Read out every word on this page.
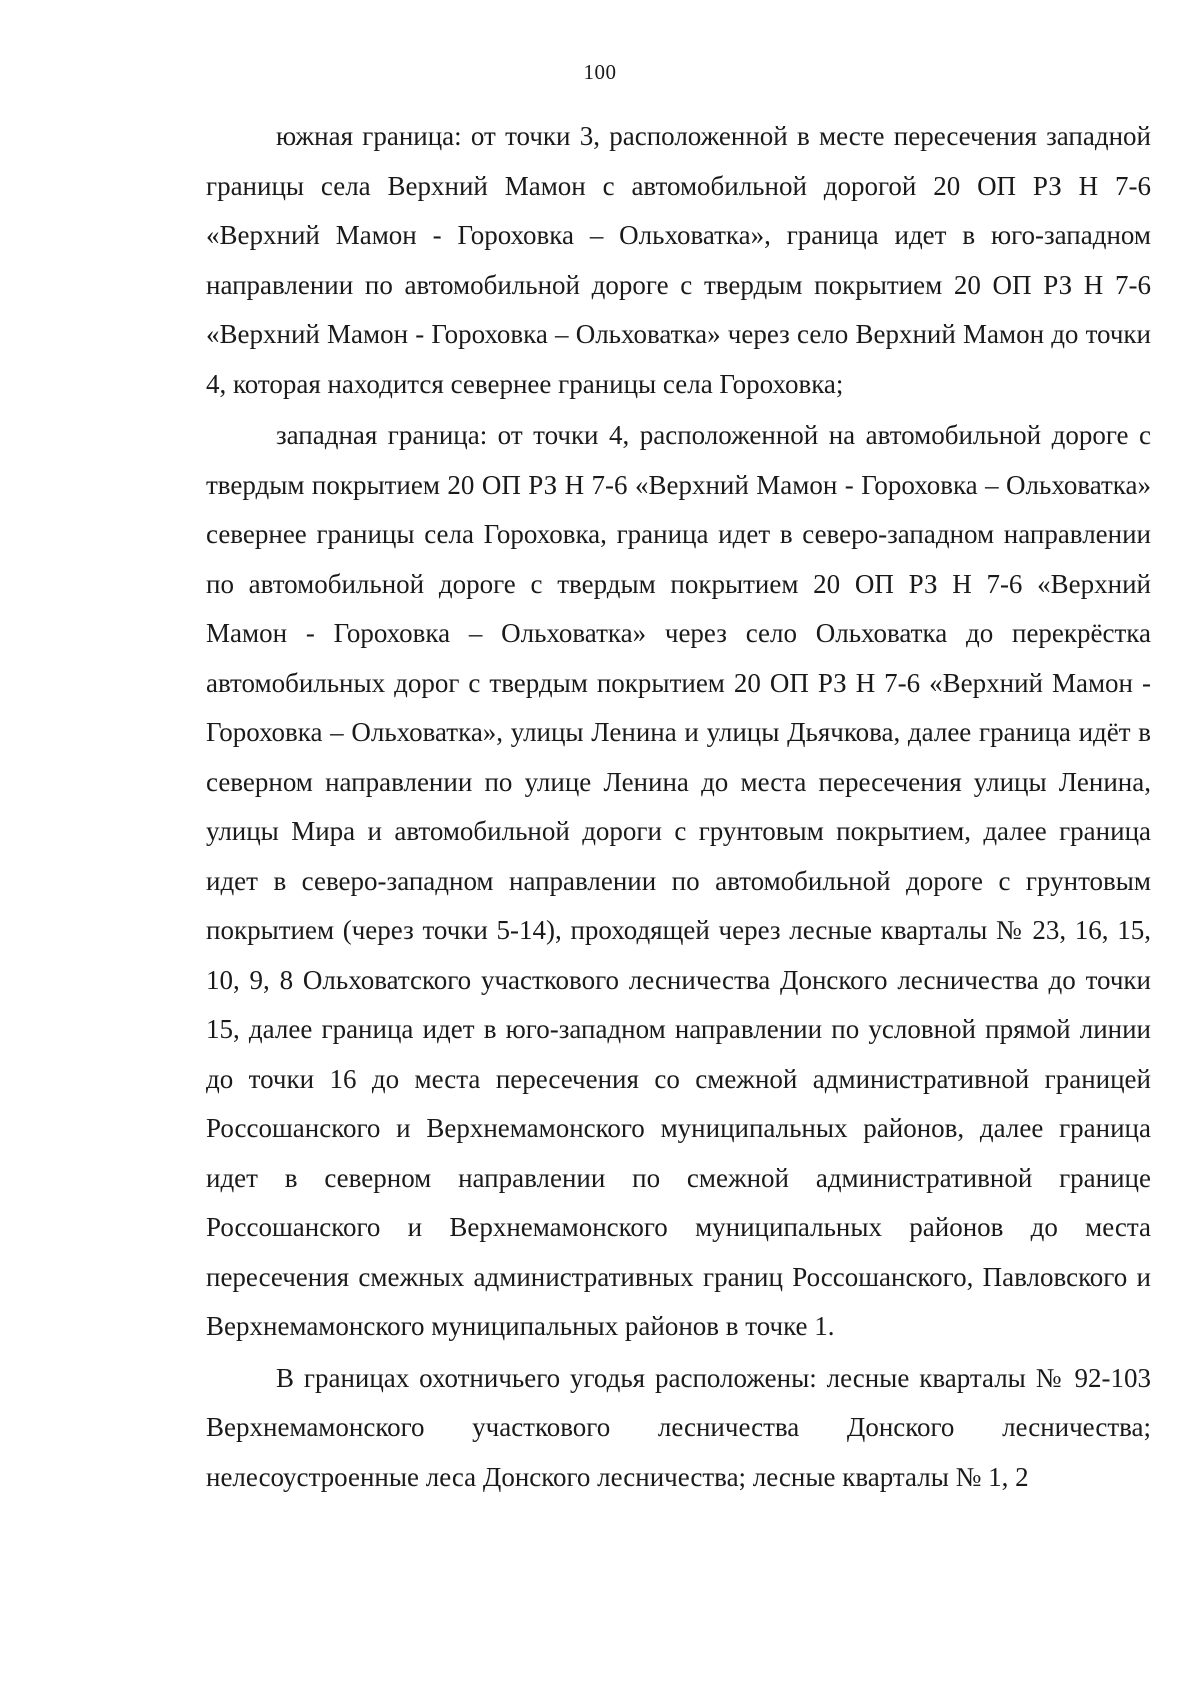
100

южная граница: от точки 3, расположенной в месте пересечения западной границы села Верхний Мамон с автомобильной дорогой 20 ОП РЗ Н 7-6 «Верхний Мамон - Гороховка – Ольховатка», граница идет в юго-западном направлении по автомобильной дороге с твердым покрытием 20 ОП РЗ Н 7-6 «Верхний Мамон - Гороховка – Ольховатка» через село Верхний Мамон до точки 4, которая находится севернее границы села Гороховка;

западная граница: от точки 4, расположенной на автомобильной дороге с твердым покрытием 20 ОП РЗ Н 7-6 «Верхний Мамон - Гороховка – Ольховатка» севернее границы села Гороховка, граница идет в северо-западном направлении по автомобильной дороге с твердым покрытием 20 ОП РЗ Н 7-6 «Верхний Мамон - Гороховка – Ольховатка» через село Ольховатка до перекрёстка автомобильных дорог с твердым покрытием 20 ОП РЗ Н 7-6 «Верхний Мамон - Гороховка – Ольховатка», улицы Ленина и улицы Дьячкова, далее граница идёт в северном направлении по улице Ленина до места пересечения улицы Ленина, улицы Мира и автомобильной дороги с грунтовым покрытием, далее граница идет в северо-западном направлении по автомобильной дороге с грунтовым покрытием (через точки 5-14), проходящей через лесные кварталы № 23, 16, 15, 10, 9, 8 Ольховатского участкового лесничества Донского лесничества до точки 15, далее граница идет в юго-западном направлении по условной прямой линии до точки 16 до места пересечения со смежной административной границей Россошанского и Верхнемамонского муниципальных районов, далее граница идет в северном направлении по смежной административной границе Россошанского и Верхнемамонского муниципальных районов до места пересечения смежных административных границ Россошанского, Павловского и Верхнемамонского муниципальных районов в точке 1.

В границах охотничьего угодья расположены: лесные кварталы № 92-103 Верхнемамонского участкового лесничества Донского лесничества; нелесоустроенные леса Донского лесничества; лесные кварталы № 1, 2
